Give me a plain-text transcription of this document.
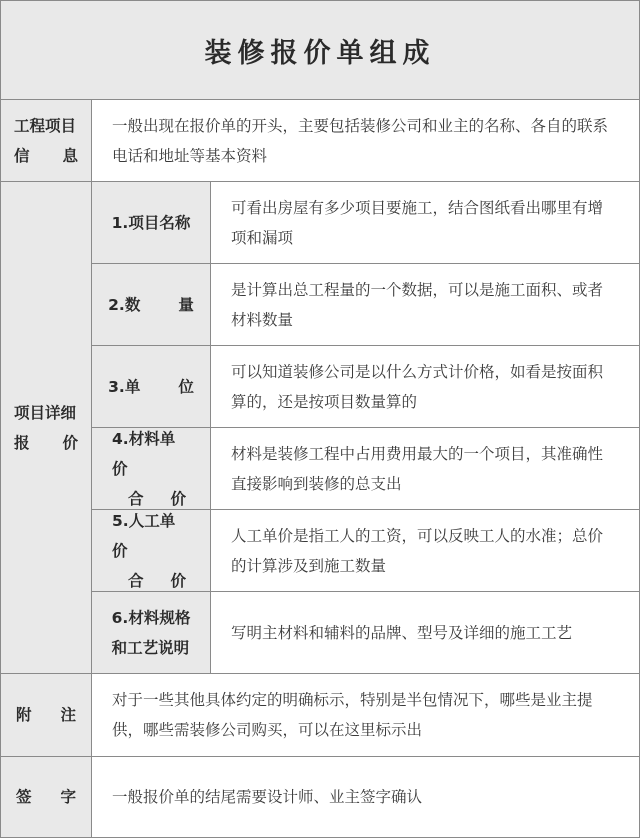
装修报价单组成
工程项目
信 息
一般出现在报价单的开头，主要包括装修公司和业主的名称、各自的联系电话和地址等基本资料
项目详细
报 价
1.项目名称
可看出房屋有多少项目要施工，结合图纸看出哪里有增项和漏项
2.数 量
是计算出总工程量的一个数据，可以是施工面积、或者材料数量
3.单 位
可以知道装修公司是以什么方式计价格，如看是按面积算的，还是按项目数量算的
4.材料单价
合 价
材料是装修工程中占用费用最大的一个项目，其准确性直接影响到装修的总支出
5.人工单价
合 价
人工单价是指工人的工资，可以反映工人的水准；总价的计算涉及到施工数量
6.材料规格
和工艺说明
写明主材料和辅料的品牌、型号及详细的施工工艺
附 注
对于一些其他具体约定的明确标示，特别是半包情况下，哪些是业主提供，哪些需装修公司购买，可以在这里标示出
签 字	一般报价单的结尾需要设计师、业主签字确认
